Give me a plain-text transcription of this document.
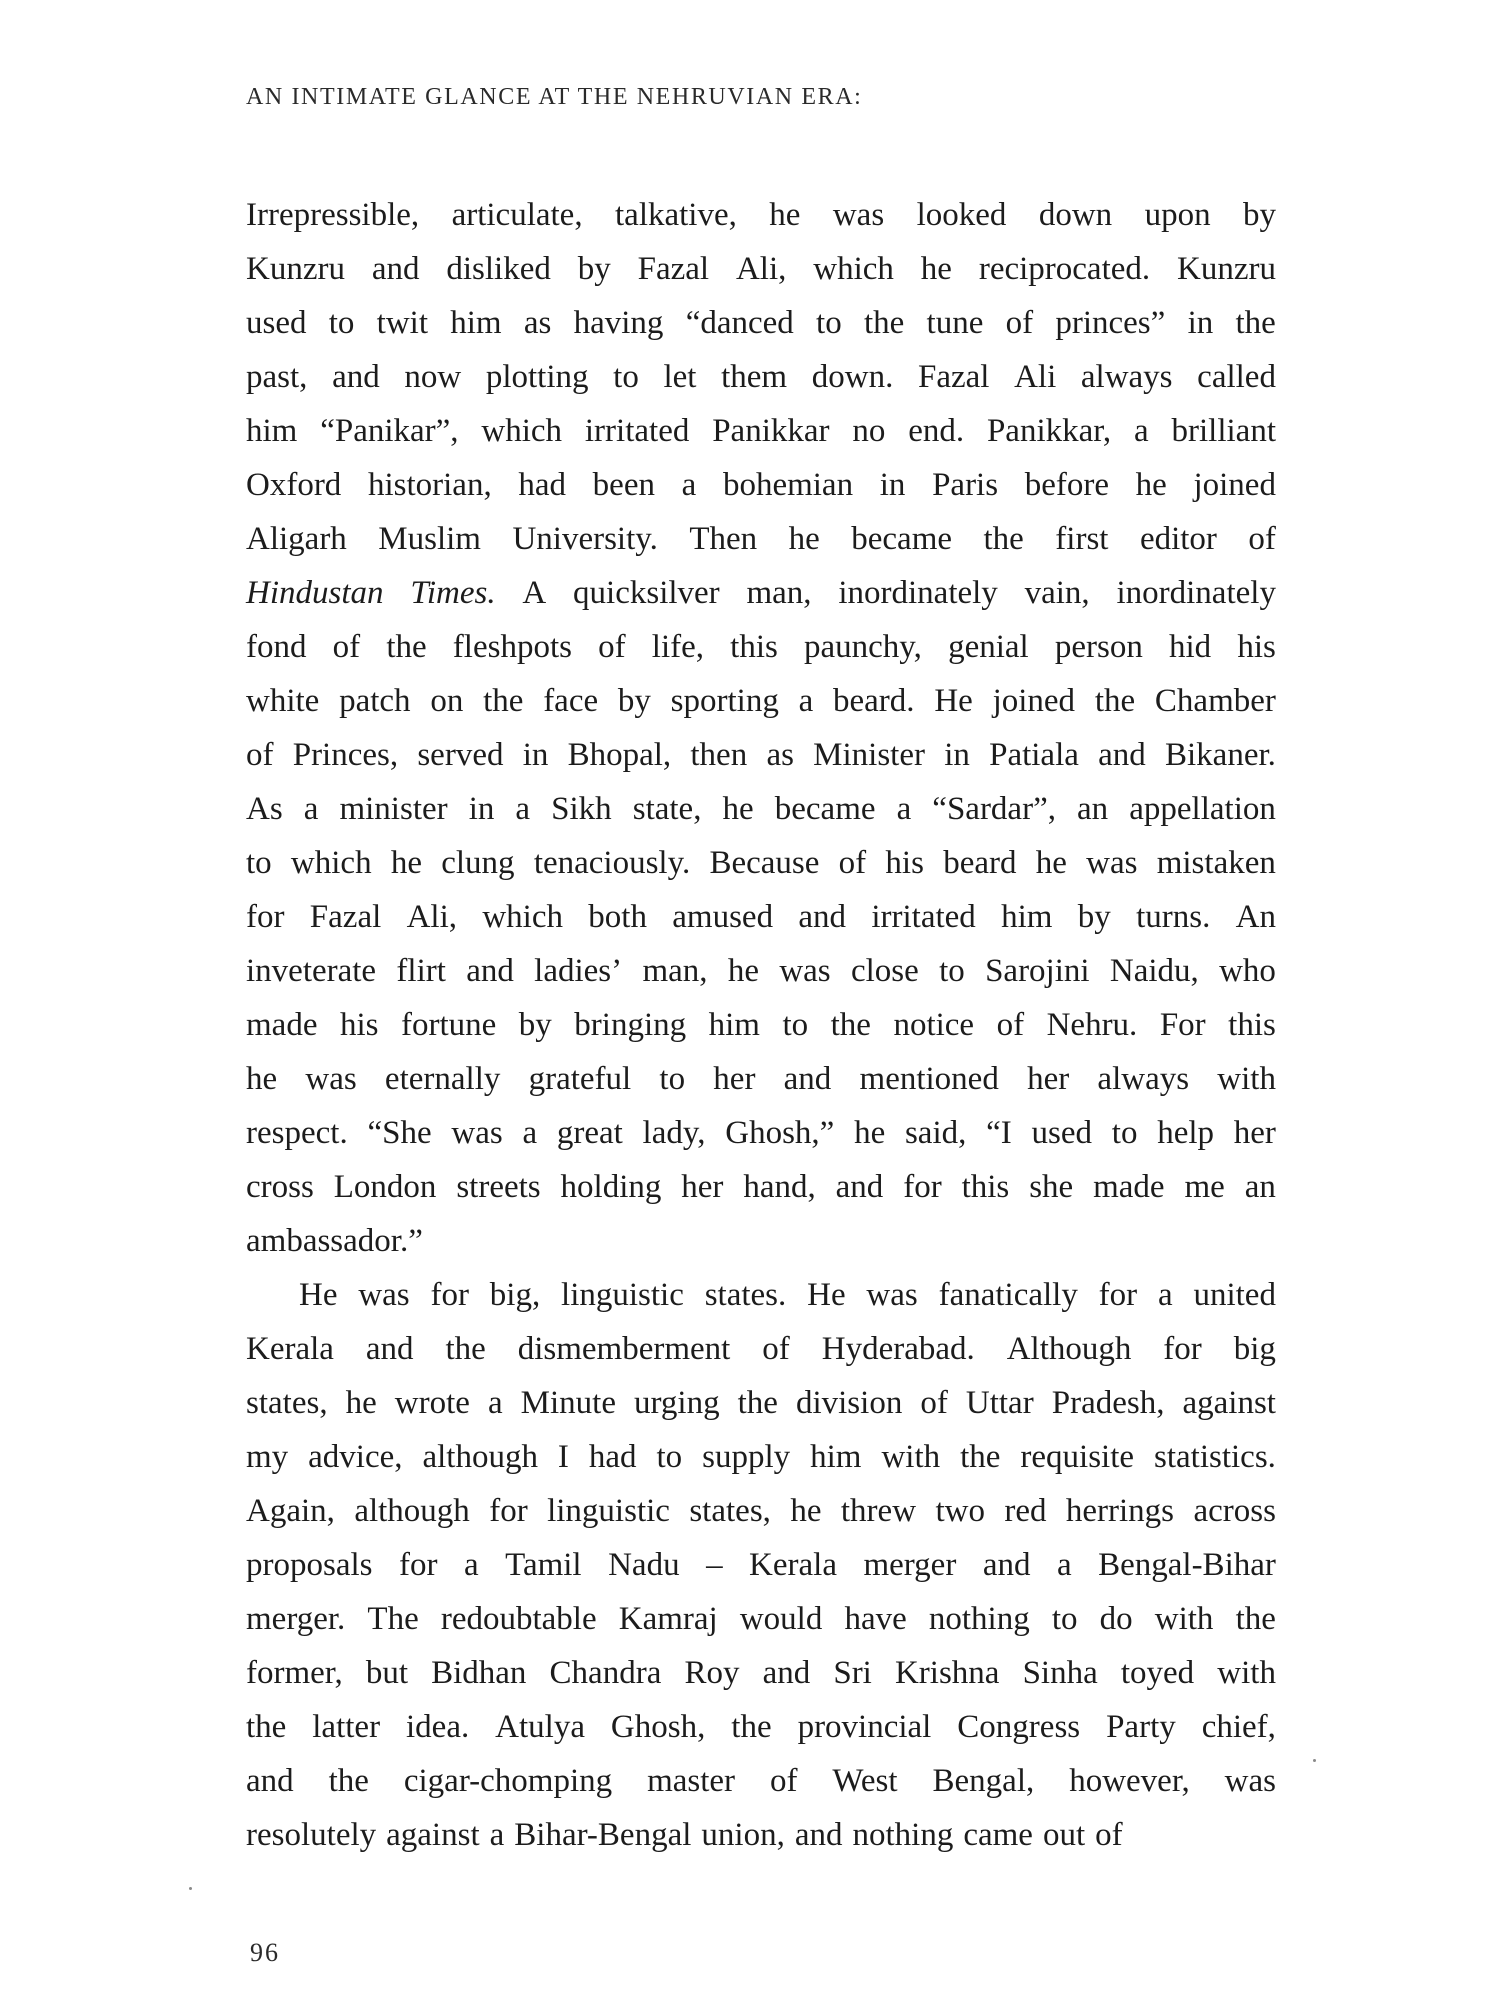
AN INTIMATE GLANCE AT THE NEHRUVIAN ERA:
Irrepressible, articulate, talkative, he was looked down upon by
Kunzru and disliked by Fazal Ali, which he reciprocated. Kunzru
used to twit him as having “danced to the tune of princes” in the
past, and now plotting to let them down. Fazal Ali always called
him “Panikar”, which irritated Panikkar no end. Panikkar, a brilliant
Oxford historian, had been a bohemian in Paris before he joined
Aligarh Muslim University. Then he became the first editor of
Hindustan Times. A quicksilver man, inordinately vain, inordinately
fond of the fleshpots of life, this paunchy, genial person hid his
white patch on the face by sporting a beard. He joined the Chamber
of Princes, served in Bhopal, then as Minister in Patiala and Bikaner.
As a minister in a Sikh state, he became a “Sardar”, an appellation
to which he clung tenaciously. Because of his beard he was mistaken
for Fazal Ali, which both amused and irritated him by turns. An
inveterate flirt and ladies’ man, he was close to Sarojini Naidu, who
made his fortune by bringing him to the notice of Nehru. For this
he was eternally grateful to her and mentioned her always with
respect. “She was a great lady, Ghosh,” he said, “I used to help her
cross London streets holding her hand, and for this she made me an
ambassador.”
He was for big, linguistic states. He was fanatically for a united
Kerala and the dismemberment of Hyderabad. Although for big
states, he wrote a Minute urging the division of Uttar Pradesh, against
my advice, although I had to supply him with the requisite statistics.
Again, although for linguistic states, he threw two red herrings across
proposals for a Tamil Nadu – Kerala merger and a Bengal-Bihar
merger. The redoubtable Kamraj would have nothing to do with the
former, but Bidhan Chandra Roy and Sri Krishna Sinha toyed with
the latter idea. Atulya Ghosh, the provincial Congress Party chief,
and the cigar-chomping master of West Bengal, however, was
resolutely against a Bihar-Bengal union, and nothing came out of
96
